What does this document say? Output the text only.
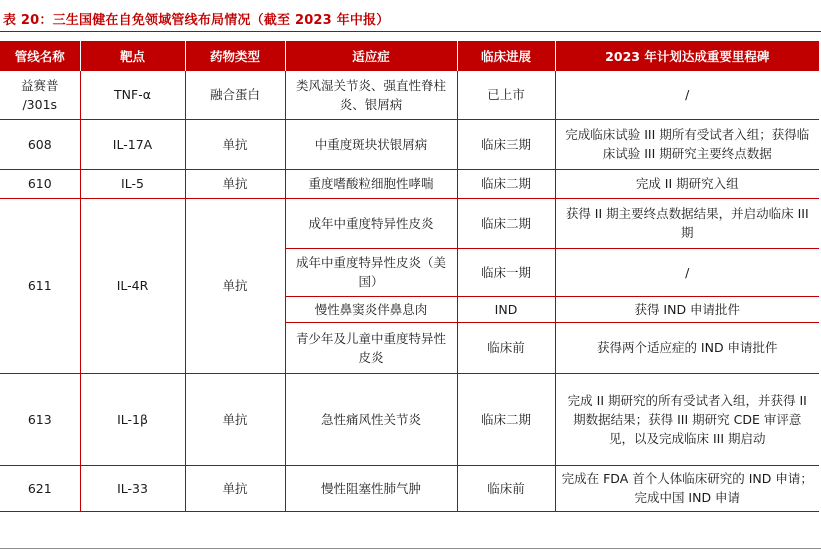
表 20：三生国健在自免领域管线布局情况（截至 2023 年中报）
管线名称	靶点	药物类型	适应症	临床进展	2023 年计划达成重要里程碑
益赛普 /301s	TNF-α	融合蛋白	类风湿关节炎、强直性脊柱炎、银屑病	已上市	/
608	IL-17A	单抗	中重度斑块状银屑病	临床三期	完成临床试验 III 期所有受试者入组；获得临床试验 III 期研究主要终点数据
610	IL-5	单抗	重度嗜酸粒细胞性哮喘	临床二期	完成 II 期研究入组
611	IL-4R	单抗	成年中重度特异性皮炎	临床二期	获得 II 期主要终点数据结果，并启动临床 III 期
			成年中重度特异性皮炎（美国）	临床一期	/
			慢性鼻窦炎伴鼻息肉	IND	获得 IND 申请批件
			青少年及儿童中重度特异性皮炎	临床前	获得两个适应症的 IND 申请批件
613	IL-1β	单抗	急性痛风性关节炎	临床二期	完成 II 期研究的所有受试者入组，并获得 II 期数据结果；获得 III 期研究 CDE 审评意见，以及完成临床 III 期启动
621	IL-33	单抗	慢性阻塞性肺气肿	临床前	完成在 FDA 首个人体临床研究的 IND 申请；完成中国 IND 申请
